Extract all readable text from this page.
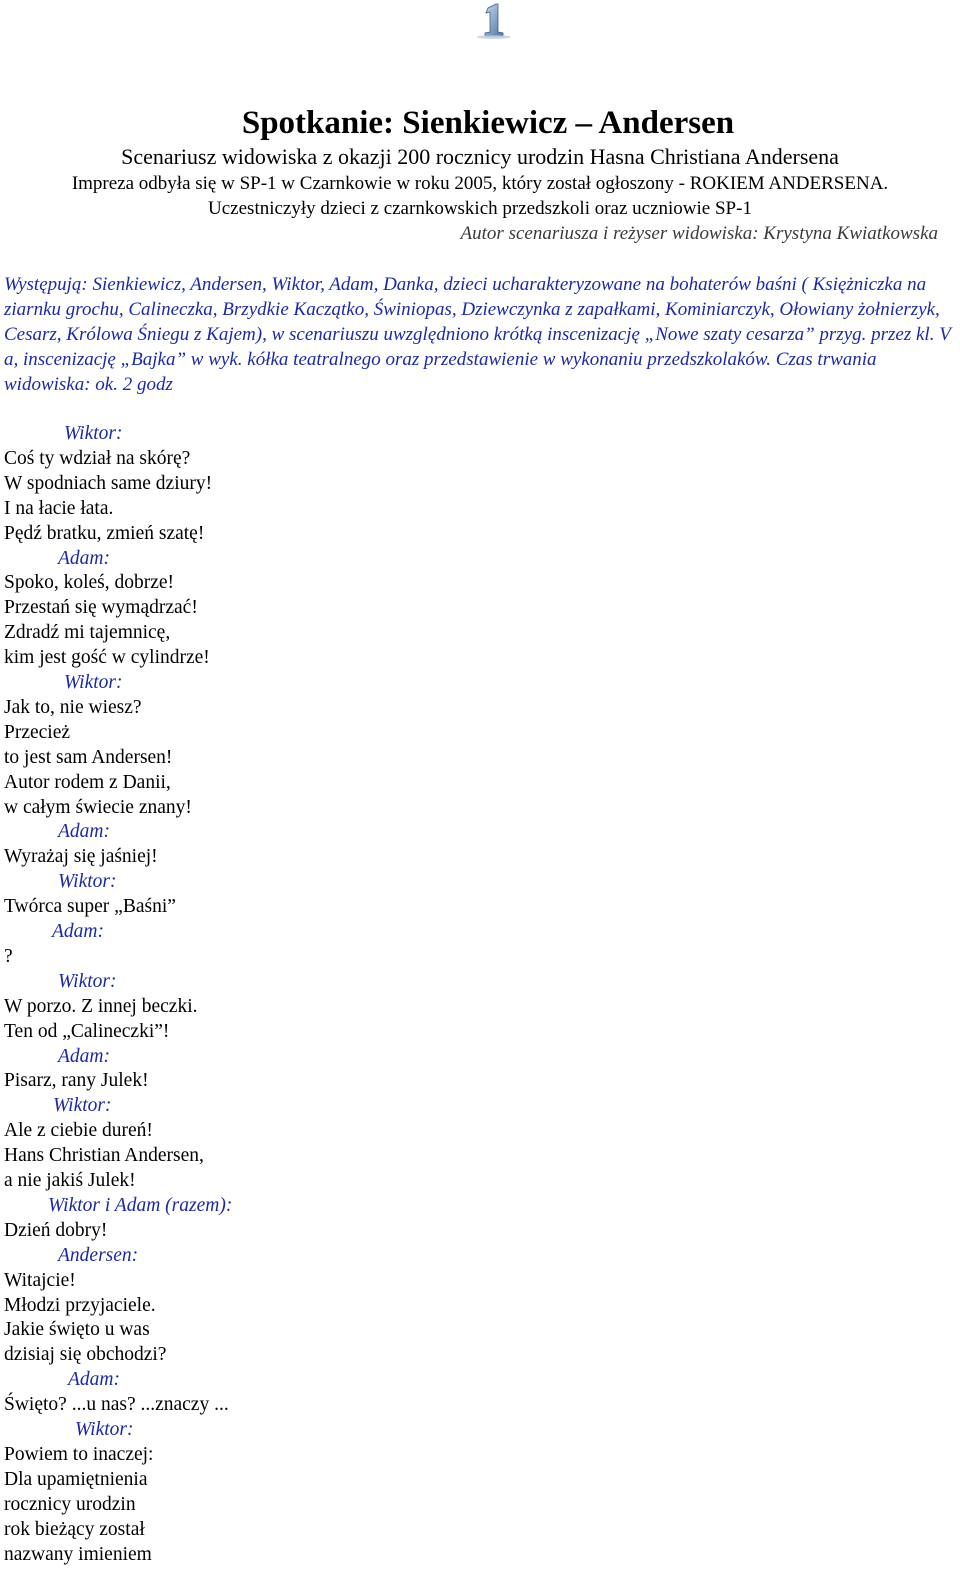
Spotkanie: Sienkiewicz – Andersen
Scenariusz widowiska z okazji 200 rocznicy urodzin Hasna Christiana Andersena
Impreza odbyła się w SP-1 w Czarnkowie w roku 2005, który został ogłoszony - ROKIEM ANDERSENA.
Uczestniczyły dzieci z czarnkowskich przedszkoli oraz uczniowie SP-1
Autor scenariusza i reżyser widowiska: Krystyna Kwiatkowska
Występują: Sienkiewicz, Andersen, Wiktor, Adam, Danka, dzieci ucharakteryzowane na bohaterów baśni ( Księżniczka na ziarnku grochu, Calineczka, Brzydkie Kaczątko, Świniopas, Dziewczynka z zapałkami, Kominiarczyk, Ołowiany żołnierzyk, Cesarz, Królowa Śniegu z Kajem), w scenariuszu uwzględniono krótką inscenizację „Nowe szaty cesarza” przyg. przez kl. V a, inscenizację „Bajka” w wyk. kółka teatralnego oraz przedstawienie w wykonaniu przedszkolaków. Czas trwania widowiska: ok. 2 godz
Wiktor:
Coś ty wdział na skórę?
W spodniach same dziury!
I na łacie łata.
Pędź bratku, zmień szatę!
Adam:
Spoko, koleś, dobrze!
Przestań się wymądrzać!
Zdradź mi tajemnicę,
kim jest gość w cylindrze!
Wiktor:
Jak to, nie wiesz?
Przecież
to jest sam Andersen!
Autor rodem z Danii,
w całym świecie znany!
Adam:
Wyrażaj się jaśniej!
Wiktor:
Twórca super „Baśni”
Adam:
?
Wiktor:
W porzo. Z innej beczki.
Ten od „Calineczki”!
Adam:
Pisarz, rany Julek!
Wiktor:
Ale z ciebie dureń!
Hans Christian Andersen,
a nie jakiś Julek!
Wiktor i Adam (razem):
Dzień dobry!
Andersen:
Witajcie!
Młodzi przyjaciele.
Jakie święto u was
dzisiaj się obchodzi?
Adam:
Święto? ...u nas? ...znaczy ...
Wiktor:
Powiem to inaczej:
Dla upamiętnienia
rocznicy urodzin
rok bieżący został
nazwany imieniem
